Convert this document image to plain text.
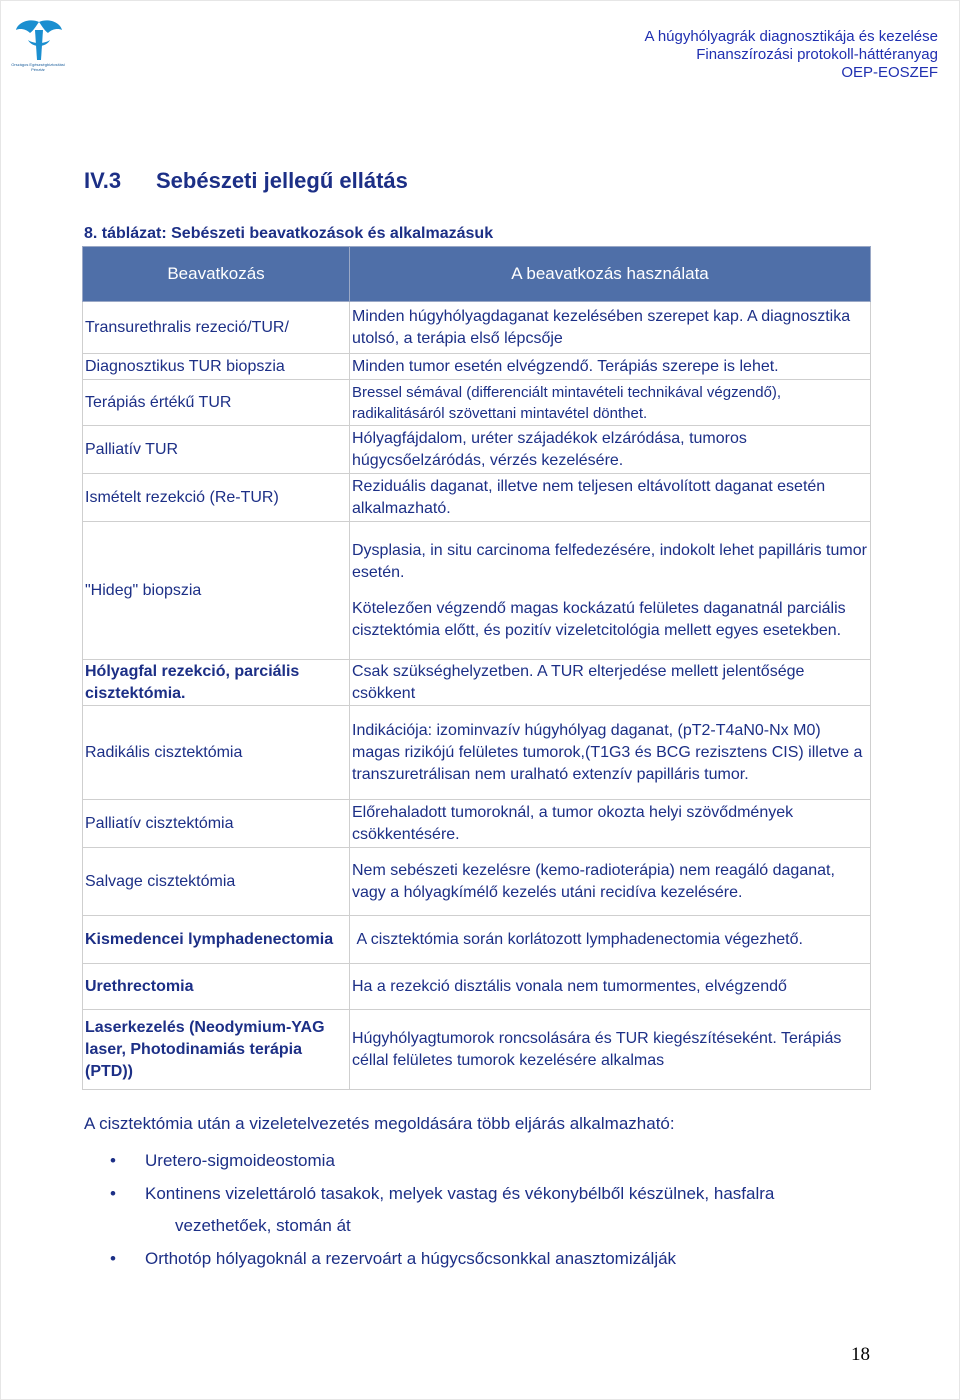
Országos Egészségbiztosítási Pénztár
A húgyhólyagrák diagnosztikája és kezelése
Finanszírozási protokoll-háttéranyag
OEP-EOSZEF
IV.3 Sebészeti jellegű ellátás

8. táblázat: Sebészeti beavatkozások és alkalmazásuk

Beavatkozás	A beavatkozás használata
Transurethralis rezeció/TUR/	Minden húgyhólyagdaganat kezelésében szerepet kap. A diagnosztika utolsó, a terápia első lépcsője
Diagnosztikus TUR biopszia	Minden tumor esetén elvégzendő. Terápiás szerepe is lehet.
Terápiás értékű TUR	Bressel sémával (differenciált mintavételi technikával végzendő), radikalitásáról szövettani mintavétel dönthet.
Palliatív TUR	Hólyagfájdalom, uréter szájadékok elzáródása, tumoros húgycsőelzáródás, vérzés kezelésére.
Ismételt rezekció (Re-TUR)	Reziduális daganat, illetve nem teljesen eltávolított daganat esetén alkalmazható.
"Hideg" biopszia	Dysplasia, in situ carcinoma felfedezésére, indokolt lehet papilláris tumor esetén.
Kötelezően végzendő magas kockázatú felületes daganatnál parciális cisztektómia előtt, és pozitív vizeletcitológia mellett egyes esetekben.

Hólyagfal rezekció, parciális cisztektómia.	Csak szükséghelyzetben. A TUR elterjedése mellett jelentősége csökkent
Radikális cisztektómia	Indikációja: izominvazív húgyhólyag daganat, (pT2-T4aN0-Nx M0) magas rizikójú felületes tumorok,(T1G3 és BCG rezisztens CIS) illetve a transzuretrálisan nem uralható extenzív papilláris tumor.
Palliatív cisztektómia	Előrehaladott tumoroknál, a tumor okozta helyi szövődmények csökkentésére.
Salvage cisztektómia	Nem sebészeti kezelésre (kemo-radioterápia) nem reagáló daganat, vagy a hólyagkímélő kezelés utáni recidíva kezelésére.
Kismedencei lymphadenectomia	A cisztektómia során korlátozott lymphadenectomia végezhető.
Urethrectomia	Ha a rezekció disztális vonala nem tumormentes, elvégzendő
Laserkezelés (Neodymium-YAG laser, Photodinamiás terápia (PTD))	Húgyhólyagtumorok roncsolására és TUR kiegészítéseként. Terápiás céllal felületes tumorok kezelésére alkalmas

A cisztektómia után a vizeletelvezetés megoldására több eljárás alkalmazható:

• Uretero-sigmoideostomia
• Kontinens vizelettároló tasakok, melyek vastag és vékonybélből készülnek, hasfalra
vezethetőek, stomán át
• Orthotóp hólyagoknál a rezervoárt a húgycsőcsonkkal anasztomizálják
18
